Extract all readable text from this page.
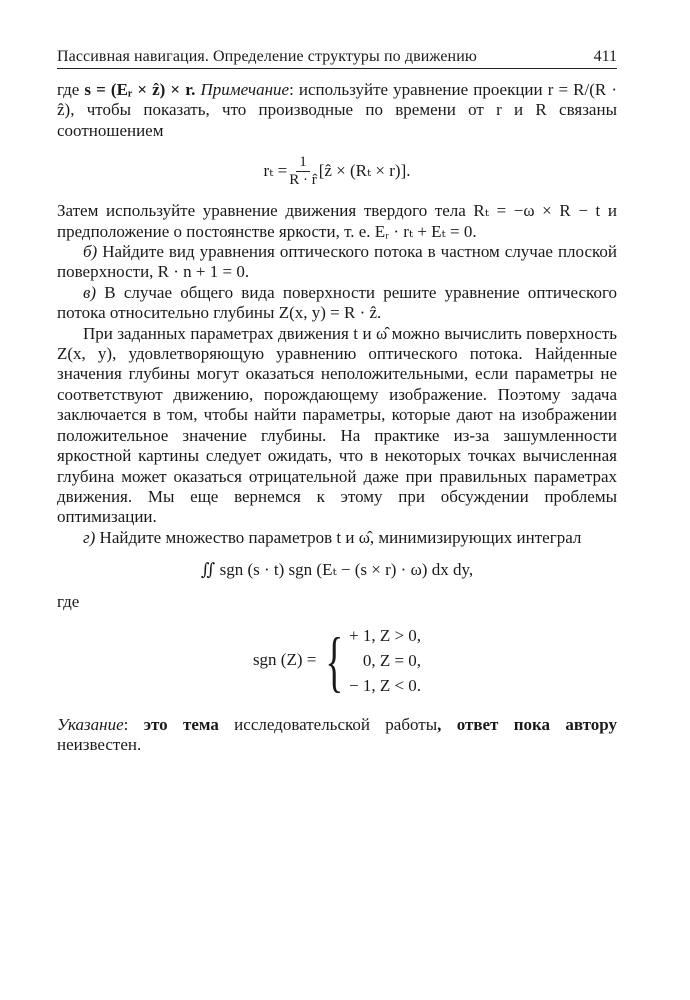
Пассивная навигация. Определение структуры по движению	411

где s = (Eᵣ × ẑ) × r. Примечание: используйте уравнение проекции r = R/(R · ẑ), чтобы показать, что производные по времени от r и R связаны соотношением

$r_t = \frac{1}{R \cdot r̂}$ [ẑ × (Rₜ × r)].

Затем используйте уравнение движения твердого тела Rₜ = −ω × R − t и предположение о постоянстве яркости, т. е. Eᵣ · rₜ + Eₜ = 0.

б) Найдите вид уравнения оптического потока в частном случае плоской поверхности, R · n + 1 = 0.

в) В случае общего вида поверхности решите уравнение оптического потока относительно глубины Z(x, y) = R · ẑ.

При заданных параметрах движения t и ω̂ можно вычислить поверхность Z(x, y), удовлетворяющую уравнению оптического потока. Найденные значения глубины могут оказаться неположительными, если параметры не соответствуют движению, порождающему изображение. Поэтому задача заключается в том, чтобы найти параметры, которые дают на изображении положительное значение глубины. На практике из-за зашумленности яркостной картины следует ожидать, что в некоторых точках вычисленная глубина может оказаться отрицательной даже при правильных параметрах движения. Мы еще вернемся к этому при обсуждении проблемы оптимизации.

г) Найдите множество параметров t и ω̂, минимизирующих интеграл

∬ sgn (s · t) sgn (Eₜ − (s × r) · ω) dx dy,

где

sgn (Z) = { + 1, Z > 0,
0, Z = 0,
− 1, Z < 0.

Указание: это тема исследовательской работы, ответ пока автору неизвестен.
